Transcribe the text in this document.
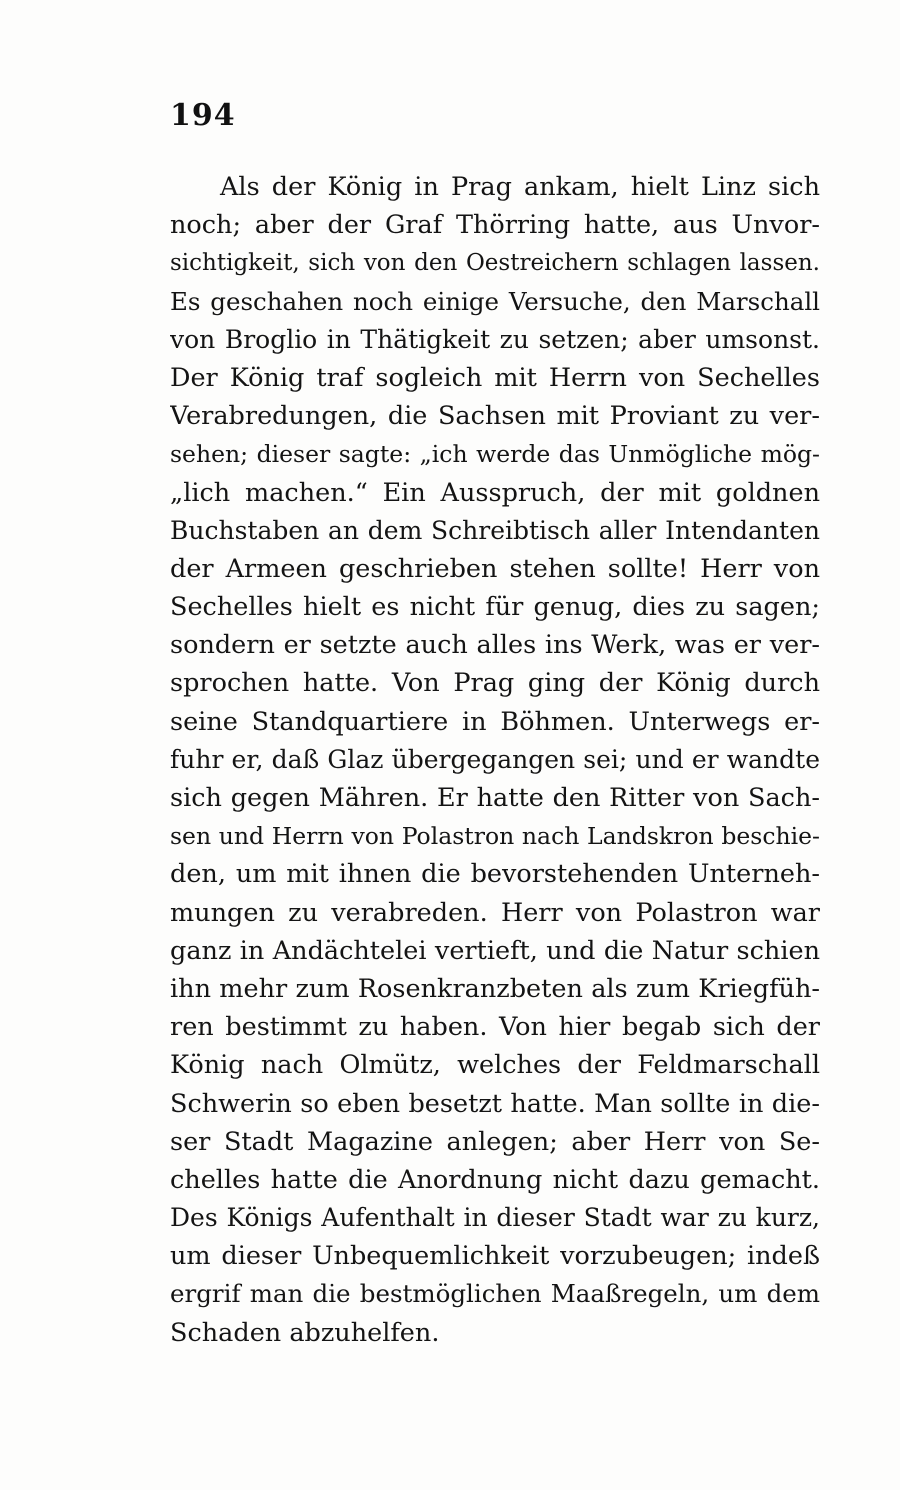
194
Als der König in Prag ankam, hielt Linz sich
noch; aber der Graf Thörring hatte, aus Unvor-
sichtigkeit, sich von den Oestreichern schlagen lassen.
Es geschahen noch einige Versuche, den Marschall
von Broglio in Thätigkeit zu setzen; aber umsonst.
Der König traf sogleich mit Herrn von Sechelles
Verabredungen, die Sachsen mit Proviant zu ver-
sehen; dieser sagte: „ich werde das Unmögliche mög-
„lich machen.“ Ein Ausspruch, der mit goldnen
Buchstaben an dem Schreibtisch aller Intendanten
der Armeen geschrieben stehen sollte! Herr von
Sechelles hielt es nicht für genug, dies zu sagen;
sondern er setzte auch alles ins Werk, was er ver-
sprochen hatte. Von Prag ging der König durch
seine Standquartiere in Böhmen. Unterwegs er-
fuhr er, daß Glaz übergegangen sei; und er wandte
sich gegen Mähren. Er hatte den Ritter von Sach-
sen und Herrn von Polastron nach Landskron beschie-
den, um mit ihnen die bevorstehenden Unterneh-
mungen zu verabreden. Herr von Polastron war
ganz in Andächtelei vertieft, und die Natur schien
ihn mehr zum Rosenkranzbeten als zum Kriegfüh-
ren bestimmt zu haben. Von hier begab sich der
König nach Olmütz, welches der Feldmarschall
Schwerin so eben besetzt hatte. Man sollte in die-
ser Stadt Magazine anlegen; aber Herr von Se-
chelles hatte die Anordnung nicht dazu gemacht.
Des Königs Aufenthalt in dieser Stadt war zu kurz,
um dieser Unbequemlichkeit vorzubeugen; indeß
ergrif man die bestmöglichen Maaßregeln, um dem
Schaden abzuhelfen.
